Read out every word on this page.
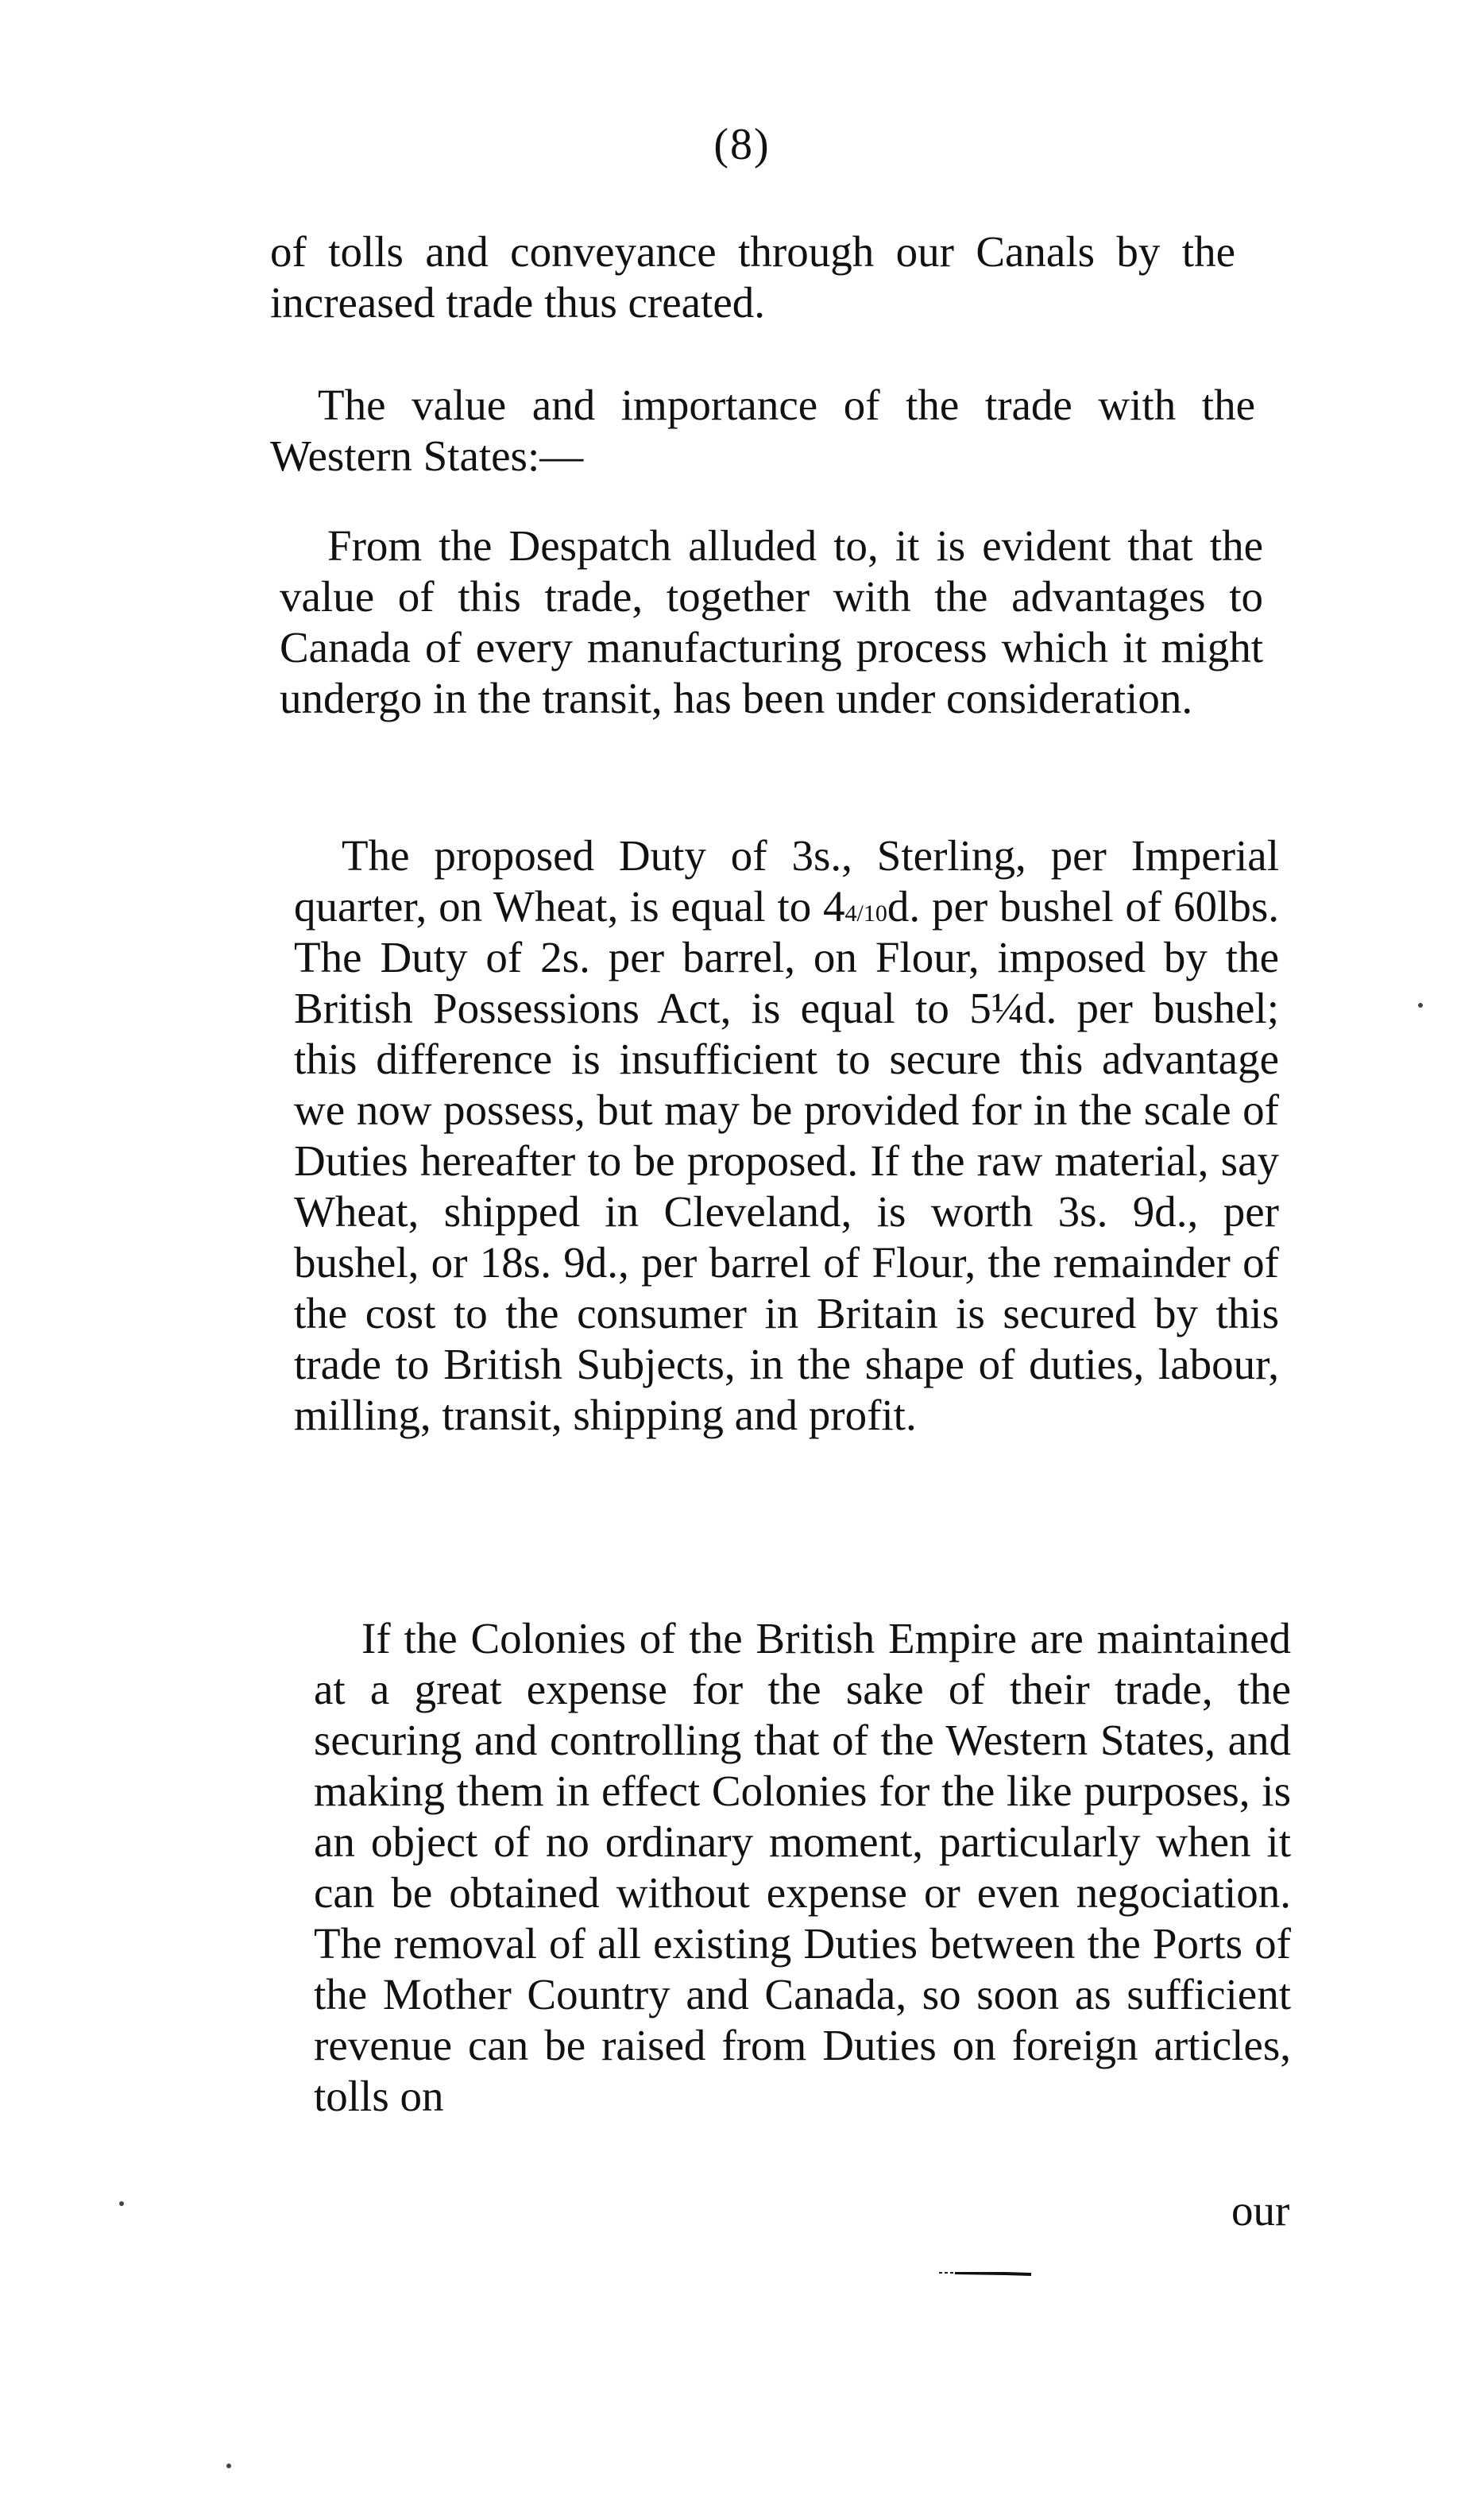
(8)

of tolls and conveyance through our Canals by the increased trade thus created.

The value and importance of the trade with the Western States:—

From the Despatch alluded to, it is evident that the value of this trade, together with the advantages to Canada of every manufacturing process which it might undergo in the transit, has been under consideration.

The proposed Duty of 3s., Sterling, per Imperial quarter, on Wheat, is equal to 44/10d. per bushel of 60lbs. The Duty of 2s. per barrel, on Flour, imposed by the British Possessions Act, is equal to 5¼d. per bushel; this difference is insufficient to secure this advantage we now possess, but may be provided for in the scale of Duties hereafter to be proposed. If the raw material, say Wheat, shipped in Cleveland, is worth 3s. 9d., per bushel, or 18s. 9d., per barrel of Flour, the remainder of the cost to the consumer in Britain is secured by this trade to British Subjects, in the shape of duties, labour, milling, transit, shipping and profit.

If the Colonies of the British Empire are maintained at a great expense for the sake of their trade, the securing and controlling that of the Western States, and making them in effect Colonies for the like purposes, is an object of no ordinary moment, particularly when it can be obtained without expense or even negociation. The removal of all existing Duties between the Ports of the Mother Country and Canada, so soon as sufficient revenue can be raised from Duties on foreign articles, tolls on

our
